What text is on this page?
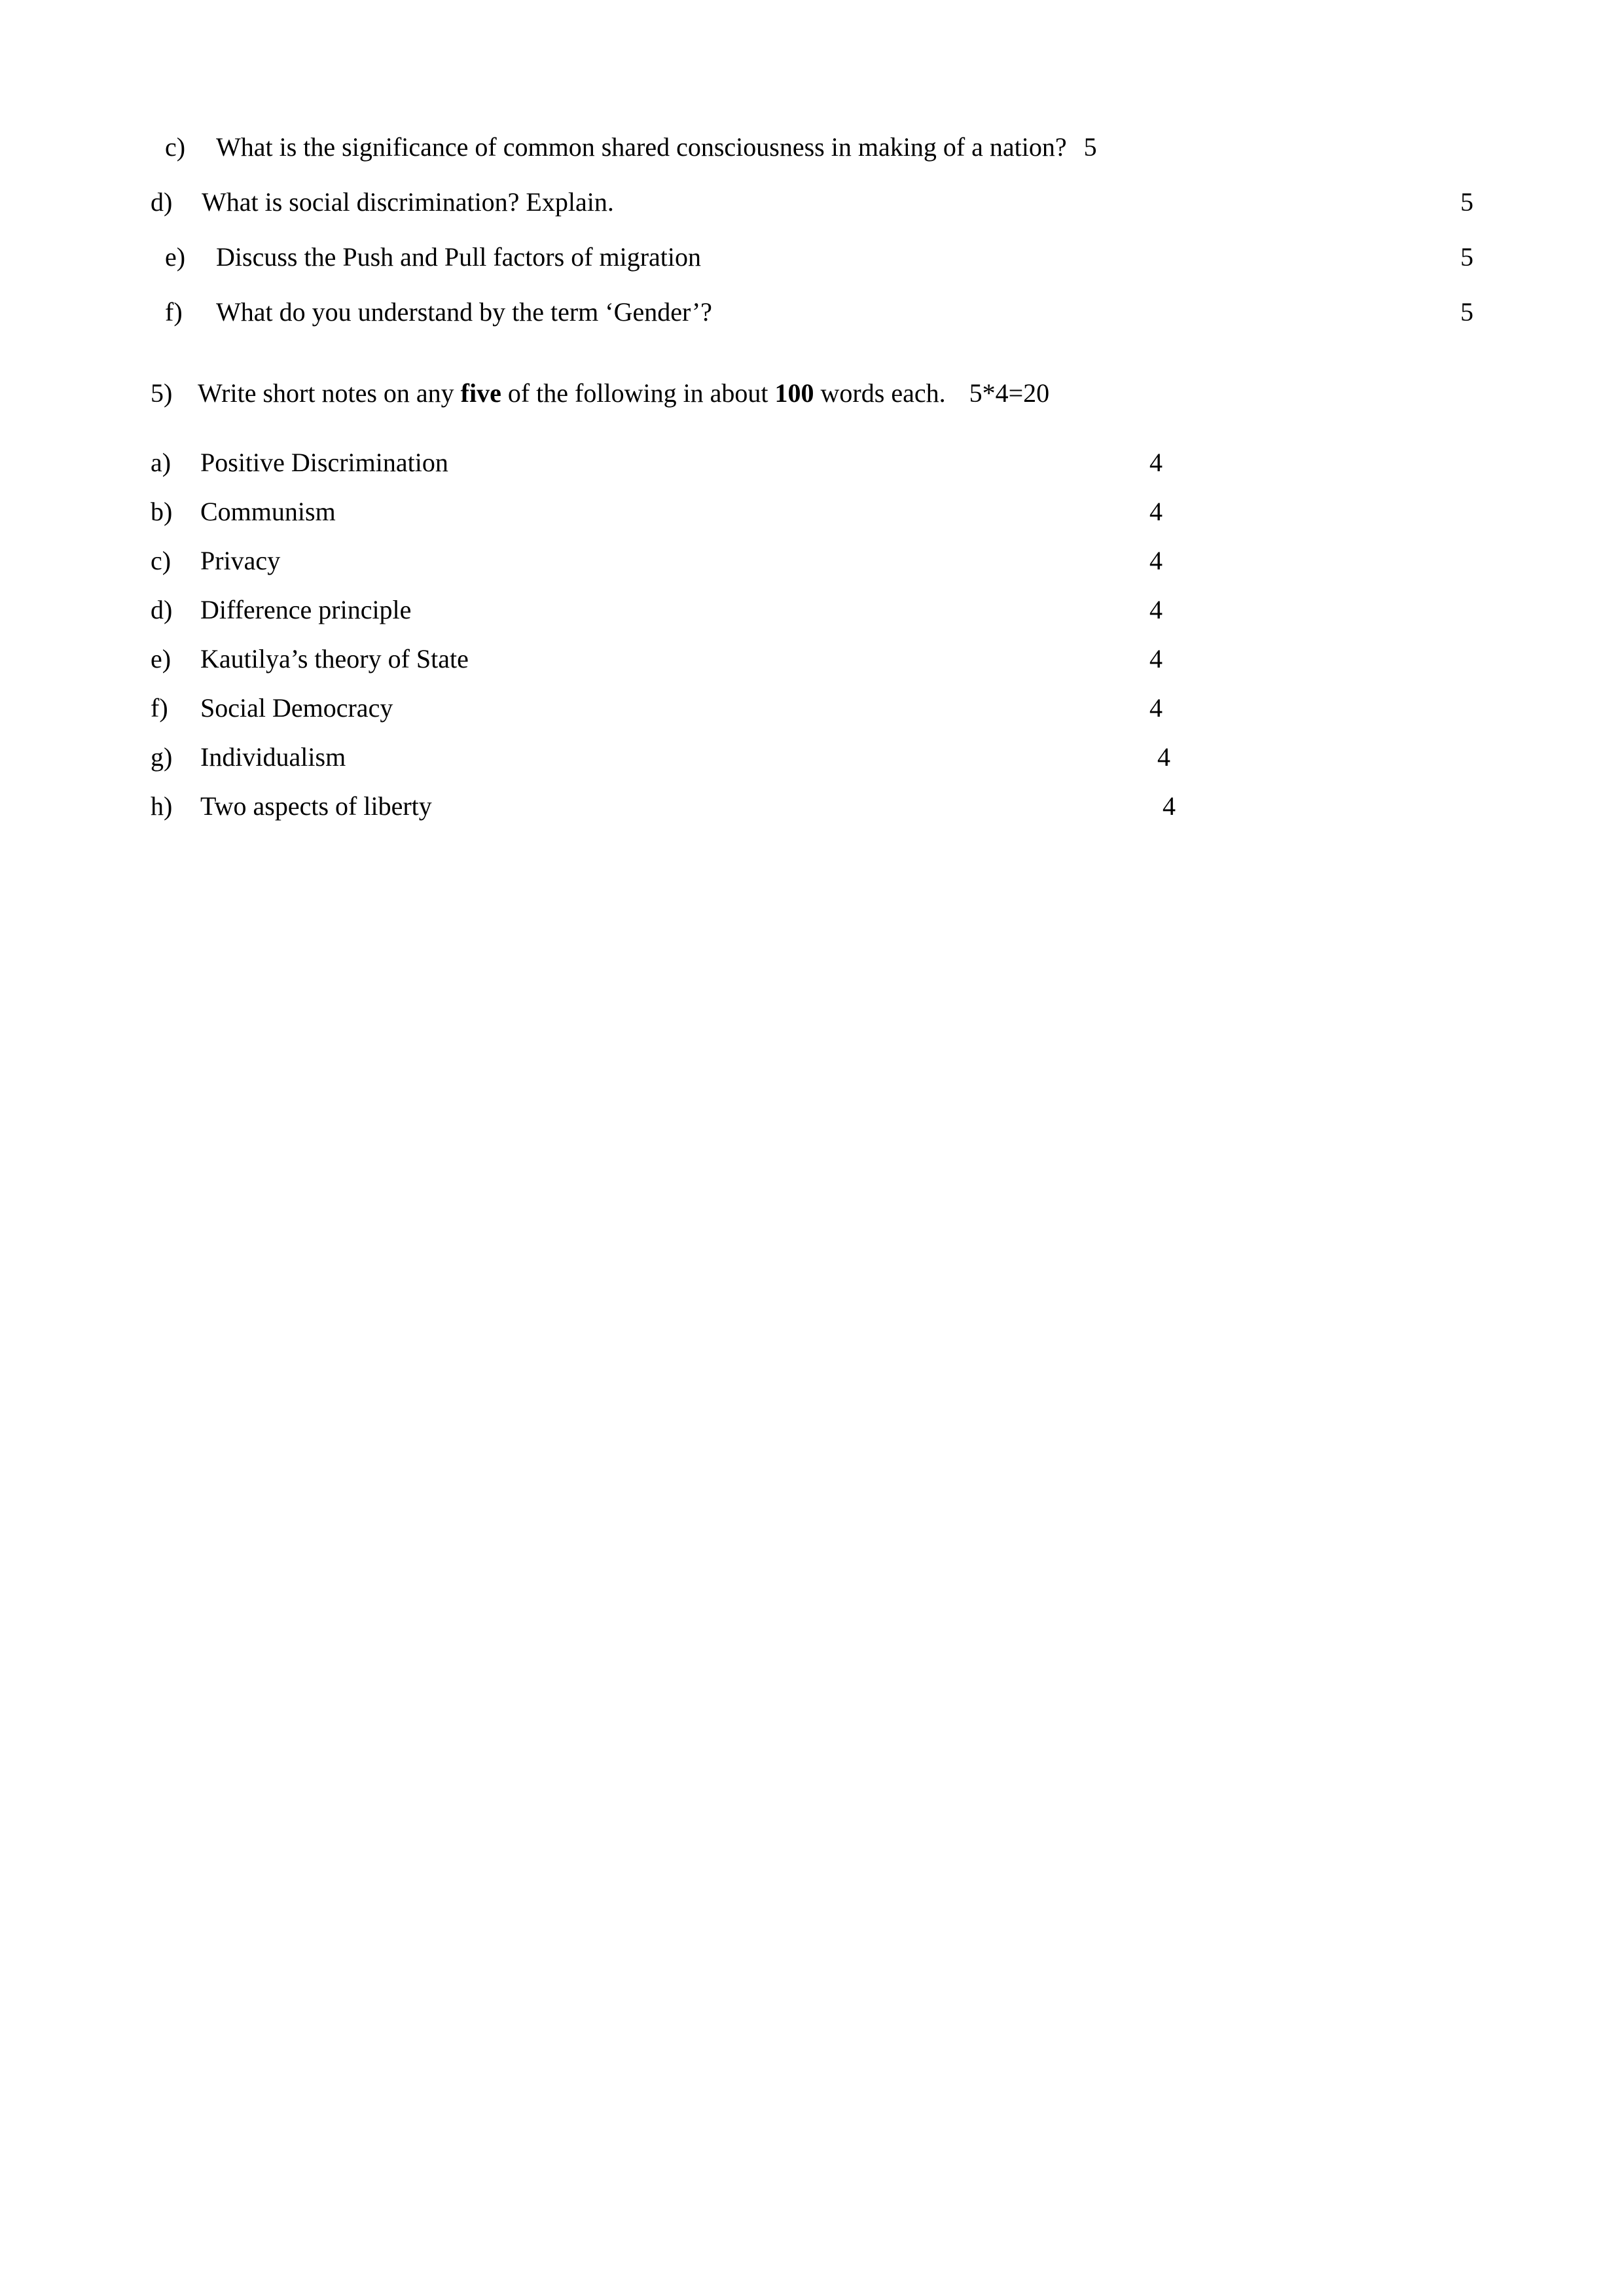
c)	What is the significance of common shared consciousness in making of a nation? 5
d)	What is social discrimination? Explain.	5
e)	Discuss the Push and Pull factors of migration	5
f)	What do you understand by the term ‘Gender’?	5
5) Write short notes on any five of the following in about 100 words each. 5*4=20
a)	Positive Discrimination	4
b)	Communism	4
c)	Privacy	4
d)	Difference principle	4
e)	Kautilya’s theory of State	4
f)	Social Democracy	4
g)	Individualism	4
h)	Two aspects of liberty	4
